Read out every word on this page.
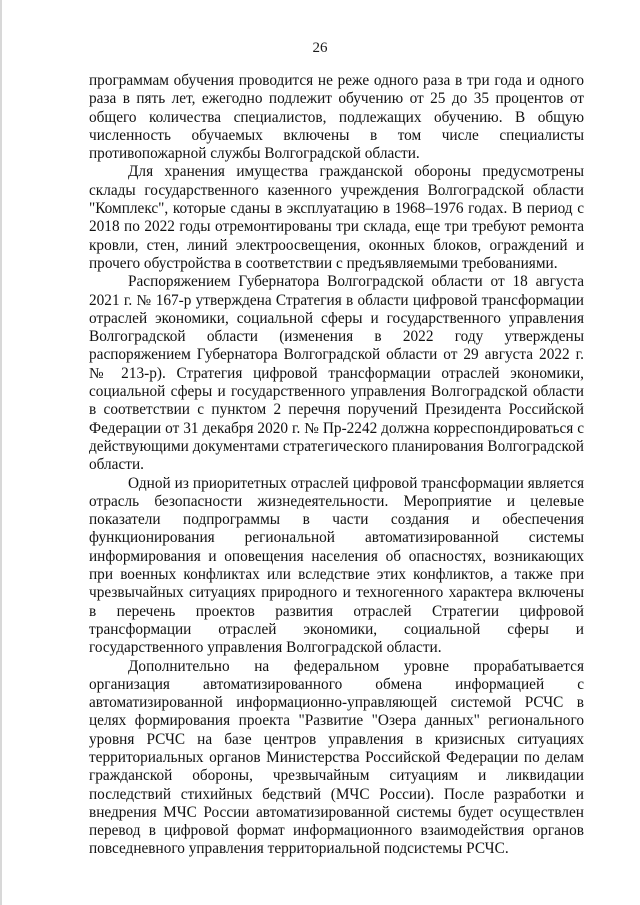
26

программам обучения проводится не реже одного раза в три года и одного раза в пять лет, ежегодно подлежит обучению от 25 до 35 процентов от общего количества специалистов, подлежащих обучению. В общую численность обучаемых включены в том числе специалисты противопожарной службы Волгоградской области.

Для хранения имущества гражданской обороны предусмотрены склады государственного казенного учреждения Волгоградской области "Комплекс", которые сданы в эксплуатацию в 1968–1976 годах. В период с 2018 по 2022 годы отремонтированы три склада, еще три требуют ремонта кровли, стен, линий электроосвещения, оконных блоков, ограждений и прочего обустройства в соответствии с предъявляемыми требованиями.

Распоряжением Губернатора Волгоградской области от 18 августа 2021 г. № 167-р утверждена Стратегия в области цифровой трансформации отраслей экономики, социальной сферы и государственного управления Волгоградской области (изменения в 2022 году утверждены распоряжением Губернатора Волгоградской области от 29 августа 2022 г. № 213-р). Стратегия цифровой трансформации отраслей экономики, социальной сферы и государственного управления Волгоградской области в соответствии с пунктом 2 перечня поручений Президента Российской Федерации от 31 декабря 2020 г. № Пр-2242 должна корреспондироваться с действующими документами стратегического планирования Волгоградской области.

Одной из приоритетных отраслей цифровой трансформации является отрасль безопасности жизнедеятельности. Мероприятие и целевые показатели подпрограммы в части создания и обеспечения функционирования региональной автоматизированной системы информирования и оповещения населения об опасностях, возникающих при военных конфликтах или вследствие этих конфликтов, а также при чрезвычайных ситуациях природного и техногенного характера включены в перечень проектов развития отраслей Стратегии цифровой трансформации отраслей экономики, социальной сферы и государственного управления Волгоградской области.

Дополнительно на федеральном уровне прорабатывается организация автоматизированного обмена информацией с автоматизированной информационно-управляющей системой РСЧС в целях формирования проекта "Развитие "Озера данных" регионального уровня РСЧС на базе центров управления в кризисных ситуациях территориальных органов Министерства Российской Федерации по делам гражданской обороны, чрезвычайным ситуациям и ликвидации последствий стихийных бедствий (МЧС России). После разработки и внедрения МЧС России автоматизированной системы будет осуществлен перевод в цифровой формат информационного взаимодействия органов повседневного управления территориальной подсистемы РСЧС.
